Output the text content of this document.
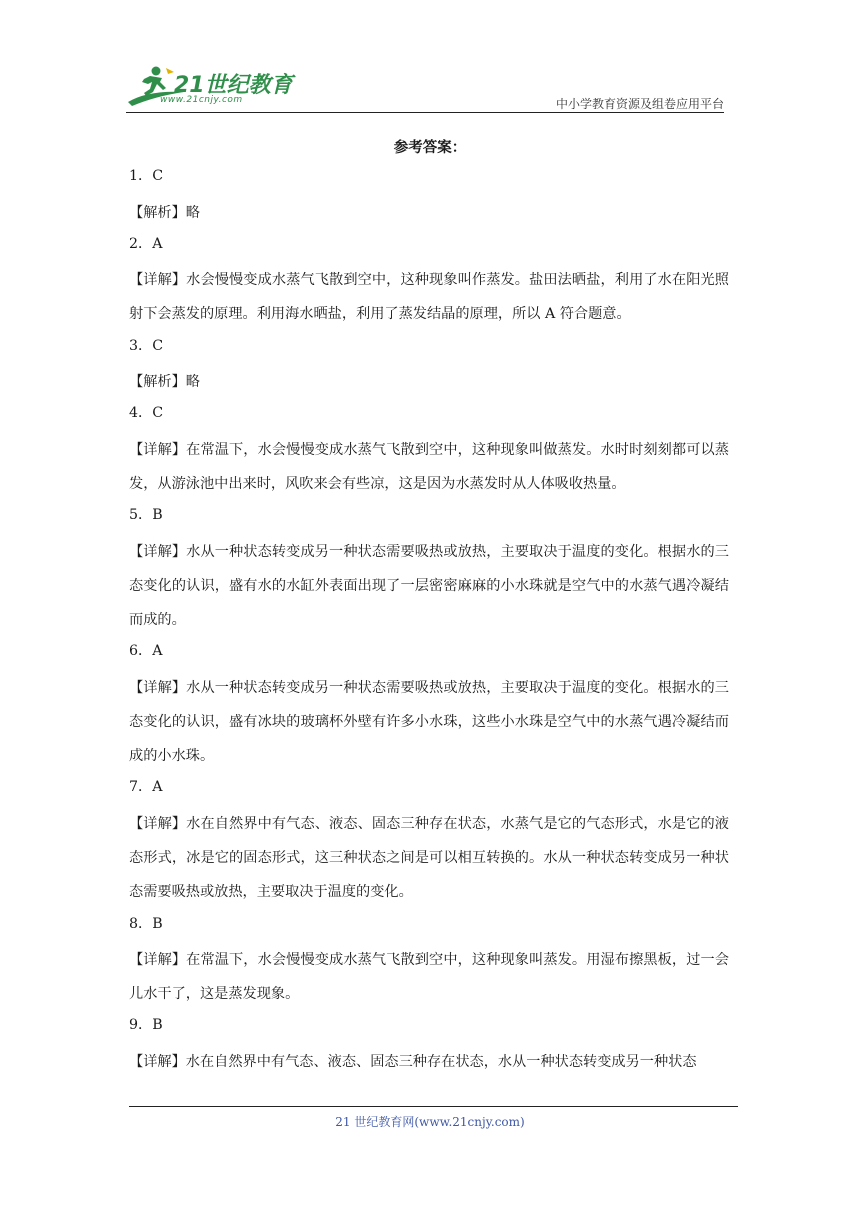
21世纪教育
www.21cnjy.com	中小学教育资源及组卷应用平台
参考答案：
1．C
【解析】略
2．A
【详解】水会慢慢变成水蒸气飞散到空中，这种现象叫作蒸发。盐田法晒盐，利用了水在阳光照射下会蒸发的原理。利用海水晒盐，利用了蒸发结晶的原理，所以 A 符合题意。
3．C
【解析】略
4．C
【详解】在常温下，水会慢慢变成水蒸气飞散到空中，这种现象叫做蒸发。水时时刻刻都可以蒸发，从游泳池中出来时，风吹来会有些凉，这是因为水蒸发时从人体吸收热量。
5．B
【详解】水从一种状态转变成另一种状态需要吸热或放热，主要取决于温度的变化。根据水的三态变化的认识，盛有水的水缸外表面出现了一层密密麻麻的小水珠就是空气中的水蒸气遇冷凝结而成的。
6．A
【详解】水从一种状态转变成另一种状态需要吸热或放热，主要取决于温度的变化。根据水的三态变化的认识，盛有冰块的玻璃杯外壁有许多小水珠，这些小水珠是空气中的水蒸气遇冷凝结而成的小水珠。
7．A
【详解】水在自然界中有气态、液态、固态三种存在状态，水蒸气是它的气态形式，水是它的液态形式，冰是它的固态形式，这三种状态之间是可以相互转换的。水从一种状态转变成另一种状态需要吸热或放热，主要取决于温度的变化。
8．B
【详解】在常温下，水会慢慢变成水蒸气飞散到空中，这种现象叫蒸发。用湿布擦黑板，过一会儿水干了，这是蒸发现象。
9．B
【详解】水在自然界中有气态、液态、固态三种存在状态，水从一种状态转变成另一种状态
21 世纪教育网(www.21cnjy.com)
